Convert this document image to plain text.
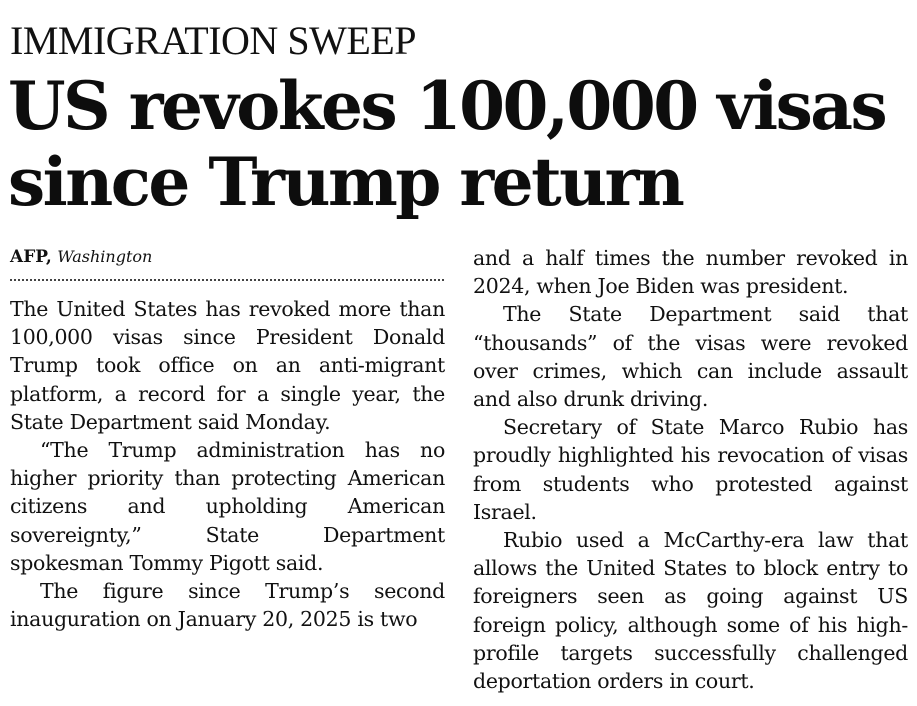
IMMIGRATION SWEEP
US revokes 100,000 visas
since Trump return
AFP, Washington

The United States has revoked more than 100,000 visas since President Donald Trump took office on an anti-migrant platform, a record for a single year, the State Department said Monday.

“The Trump administration has no higher priority than protecting American citizens and upholding American sovereignty,” State Department spokesman Tommy Pigott said.

The figure since Trump’s second inauguration on January 20, 2025 is two

and a half times the number revoked in 2024, when Joe Biden was president.

The State Department said that “thousands” of the visas were revoked over crimes, which can include assault and also drunk driving.

Secretary of State Marco Rubio has proudly highlighted his revocation of visas from students who protested against Israel.

Rubio used a McCarthy-era law that allows the United States to block entry to foreigners seen as going against US foreign policy, although some of his high-profile targets successfully challenged deportation orders in court.
